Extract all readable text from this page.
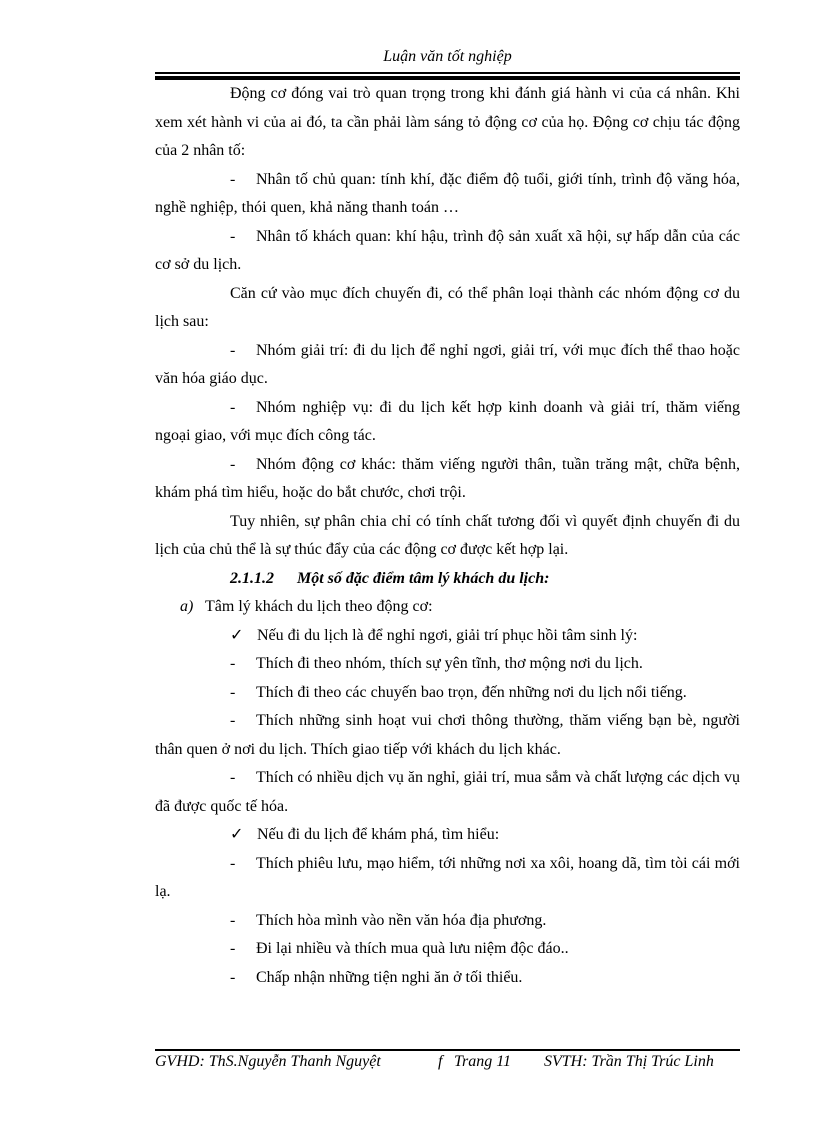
Luận văn tốt nghiệp

Động cơ đóng vai trò quan trọng trong khi đánh giá hành vi của cá nhân. Khi xem xét hành vi của ai đó, ta cần phải làm sáng tỏ động cơ của họ. Động cơ chịu tác động của 2 nhân tố:

- Nhân tố chủ quan: tính khí, đặc điểm độ tuổi, giới tính, trình độ văng hóa, nghề nghiệp, thói quen, khả năng thanh toán …

- Nhân tố khách quan: khí hậu, trình độ sản xuất xã hội, sự hấp dẫn của các cơ sở du lịch.

Căn cứ vào mục đích chuyến đi, có thể phân loại thành các nhóm động cơ du lịch sau:

- Nhóm giải trí: đi du lịch để nghỉ ngơi, giải trí, với mục đích thể thao hoặc văn hóa giáo dục.

- Nhóm nghiệp vụ: đi du lịch kết hợp kinh doanh và giải trí, thăm viếng ngoại giao, với mục đích công tác.

- Nhóm động cơ khác: thăm viếng người thân, tuần trăng mật, chữa bệnh, khám phá tìm hiểu, hoặc do bắt chước, chơi trội.

Tuy nhiên, sự phân chia chỉ có tính chất tương đối vì quyết định chuyến đi du lịch của chủ thể là sự thúc đẩy của các động cơ được kết hợp lại.

2.1.1.2 Một số đặc điểm tâm lý khách du lịch:

a) Tâm lý khách du lịch theo động cơ:

✓ Nếu đi du lịch là để nghỉ ngơi, giải trí phục hồi tâm sinh lý:

- Thích đi theo nhóm, thích sự yên tĩnh, thơ mộng nơi du lịch.

- Thích đi theo các chuyến bao trọn, đến những nơi du lịch nổi tiếng.

- Thích những sinh hoạt vui chơi thông thường, thăm viếng bạn bè, người thân quen ở nơi du lịch. Thích giao tiếp với khách du lịch khác.

- Thích có nhiều dịch vụ ăn nghỉ, giải trí, mua sắm và chất lượng các dịch vụ đã được quốc tế hóa.

✓ Nếu đi du lịch để khám phá, tìm hiểu:

- Thích phiêu lưu, mạo hiểm, tới những nơi xa xôi, hoang dã, tìm tòi cái mới lạ.

- Thích hòa mình vào nền văn hóa địa phương.

- Đi lại nhiều và thích mua quà lưu niệm độc đáo..

- Chấp nhận những tiện nghi ăn ở tối thiểu.

GVHD: ThS.Nguyễn Thanh Nguyệt	f Trang 11 SVTH: Trần Thị Trúc Linh
